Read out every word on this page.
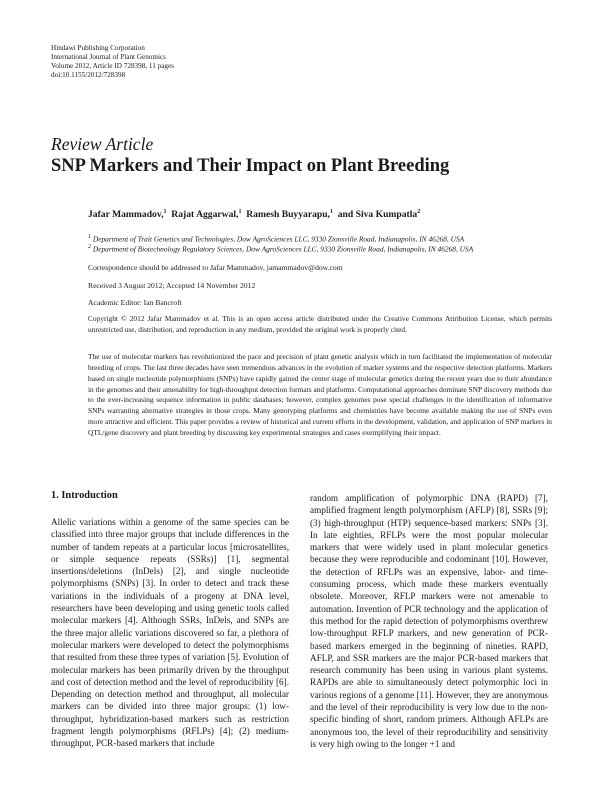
Hindawi Publishing Corporation
International Journal of Plant Genomics
Volume 2012, Article ID 728398, 11 pages
doi:10.1155/2012/728398
Review Article
SNP Markers and Their Impact on Plant Breeding
Jafar Mammadov,$^1$ Rajat Aggarwal,$^1$ Ramesh Buyyarapu,$^1$ and Siva Kumpatla$^2$
$^1$ Department of Trait Genetics and Technologies, Dow AgroSciences LLC, 9330 Zionsville Road, Indianapolis, IN 46268, USA
$^2$ Department of Biotechnology Regulatory Sciences, Dow AgroSciences LLC, 9330 Zionsville Road, Indianapolis, IN 46268, USA
Correspondence should be addressed to Jafar Mammadov, jamammadov@dow.com
Received 3 August 2012; Accepted 14 November 2012
Academic Editor: Ian Bancroft
Copyright © 2012 Jafar Mammadov et al. This is an open access article distributed under the Creative Commons Attribution License, which permits unrestricted use, distribution, and reproduction in any medium, provided the original work is properly cited.
The use of molecular markers has revolutionized the pace and precision of plant genetic analysis which in turn facilitated the implementation of molecular breeding of crops. The last three decades have seen tremendous advances in the evolution of marker systems and the respective detection platforms. Markers based on single nucleotide polymorphisms (SNPs) have rapidly gained the center stage of molecular genetics during the recent years due to their abundance in the genomes and their amenability for high-throughput detection formats and platforms. Computational approaches dominate SNP discovery methods due to the ever-increasing sequence information in public databases; however, complex genomes pose special challenges in the identification of informative SNPs warranting alternative strategies in those crops. Many genotyping platforms and chemistries have become available making the use of SNPs even more attractive and efficient. This paper provides a review of historical and current efforts in the development, validation, and application of SNP markers in QTL/gene discovery and plant breeding by discussing key experimental strategies and cases exemplifying their impact.
1. Introduction
Allelic variations within a genome of the same species can be classified into three major groups that include differences in the number of tandem repeats at a particular locus [microsatellites, or simple sequence repeats (SSRs)] [1], segmental insertions/deletions (InDels) [2], and single nucleotide polymorphisms (SNPs) [3]. In order to detect and track these variations in the individuals of a progeny at DNA level, researchers have been developing and using genetic tools called molecular markers [4]. Although SSRs, InDels, and SNPs are the three major allelic variations discovered so far, a plethora of molecular markers were developed to detect the polymorphisms that resulted from these three types of variation [5]. Evolution of molecular markers has been primarily driven by the throughput and cost of detection method and the level of reproducibility [6]. Depending on detection method and throughput, all molecular markers can be divided into three major groups: (1) low-throughput, hybridization-based markers such as restriction fragment length polymorphisms (RFLPs) [4]; (2) medium-throughput, PCR-based markers that include
random amplification of polymorphic DNA (RAPD) [7], amplified fragment length polymorphism (AFLP) [8], SSRs [9]; (3) high-throughput (HTP) sequence-based markers: SNPs [3]. In late eighties, RFLPs were the most popular molecular markers that were widely used in plant molecular genetics because they were reproducible and codominant [10]. However, the detection of RFLPs was an expensive, labor- and time-consuming process, which made these markers eventually obsolete. Moreover, RFLP markers were not amenable to automation. Invention of PCR technology and the application of this method for the rapid detection of polymorphisms overthrew low-throughput RFLP markers, and new generation of PCR-based markers emerged in the beginning of nineties. RAPD, AFLP, and SSR markers are the major PCR-based markers that research community has been using in various plant systems. RAPDs are able to simultaneously detect polymorphic loci in various regions of a genome [11]. However, they are anonymous and the level of their reproducibility is very low due to the non-specific binding of short, random primers. Although AFLPs are anonymous too, the level of their reproducibility and sensitivity is very high owing to the longer +1 and
